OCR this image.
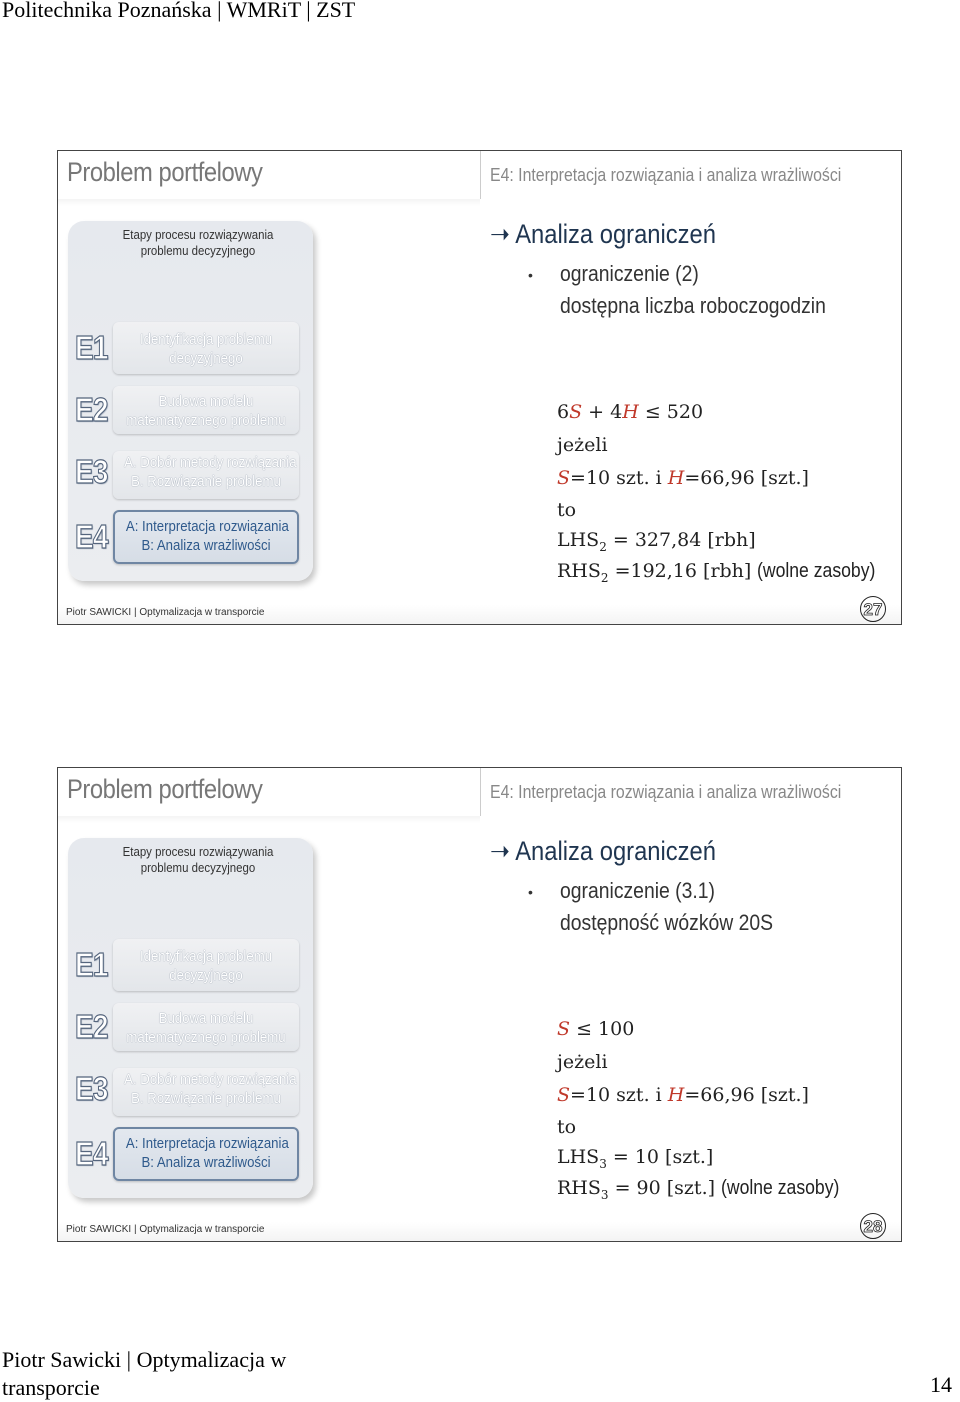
Politechnika Poznańska | WMRiT | ZST
Problem portfelowy	E4: Interpretacja rozwiązania i analiza wrażliwości
Etapy procesu rozwiązywania
problemu decyzyjnego
E1	Identyfikacja problemu
decyzyjnego
E2	Budowa modelu
matematycznego problemu
E3 A. Dobór metody rozwiązania
B. Rozwiązanie problemu
E4 A: Interpretacja rozwiązania
B: Analiza wrażliwości
➝ Analiza ograniczeń
• ograniczenie (2)
dostępna liczba roboczogodzin
6S + 4H ≤ 520
jeżeli
S=10 szt. i H=66,96 [szt.]
to
$LHS_2 = 327,84$ [rbh]
$RHS_2 =192,16$ [rbh] (wolne zasoby)
Piotr SAWICKI | Optymalizacja w transporcie	27
Problem portfelowy	E4: Interpretacja rozwiązania i analiza wrażliwości
Etapy procesu rozwiązywania
problemu decyzyjnego
E1	Identyfikacja problemu
decyzyjnego
E2	Budowa modelu
matematycznego problemu
E3 A. Dobór metody rozwiązania
B. Rozwiązanie problemu
E4 A: Interpretacja rozwiązania
B: Analiza wrażliwości
➝ Analiza ograniczeń
• ograniczenie (3.1)
dostępność wózków 20S
S ≤ 100
jeżeli
S=10 szt. i H=66,96 [szt.]
to
$LHS_3 = 10$ [szt.]
$RHS_3 = 90$ [szt.] (wolne zasoby)
Piotr SAWICKI | Optymalizacja w transporcie	28
Piotr Sawicki | Optymalizacja w transporcie	14
